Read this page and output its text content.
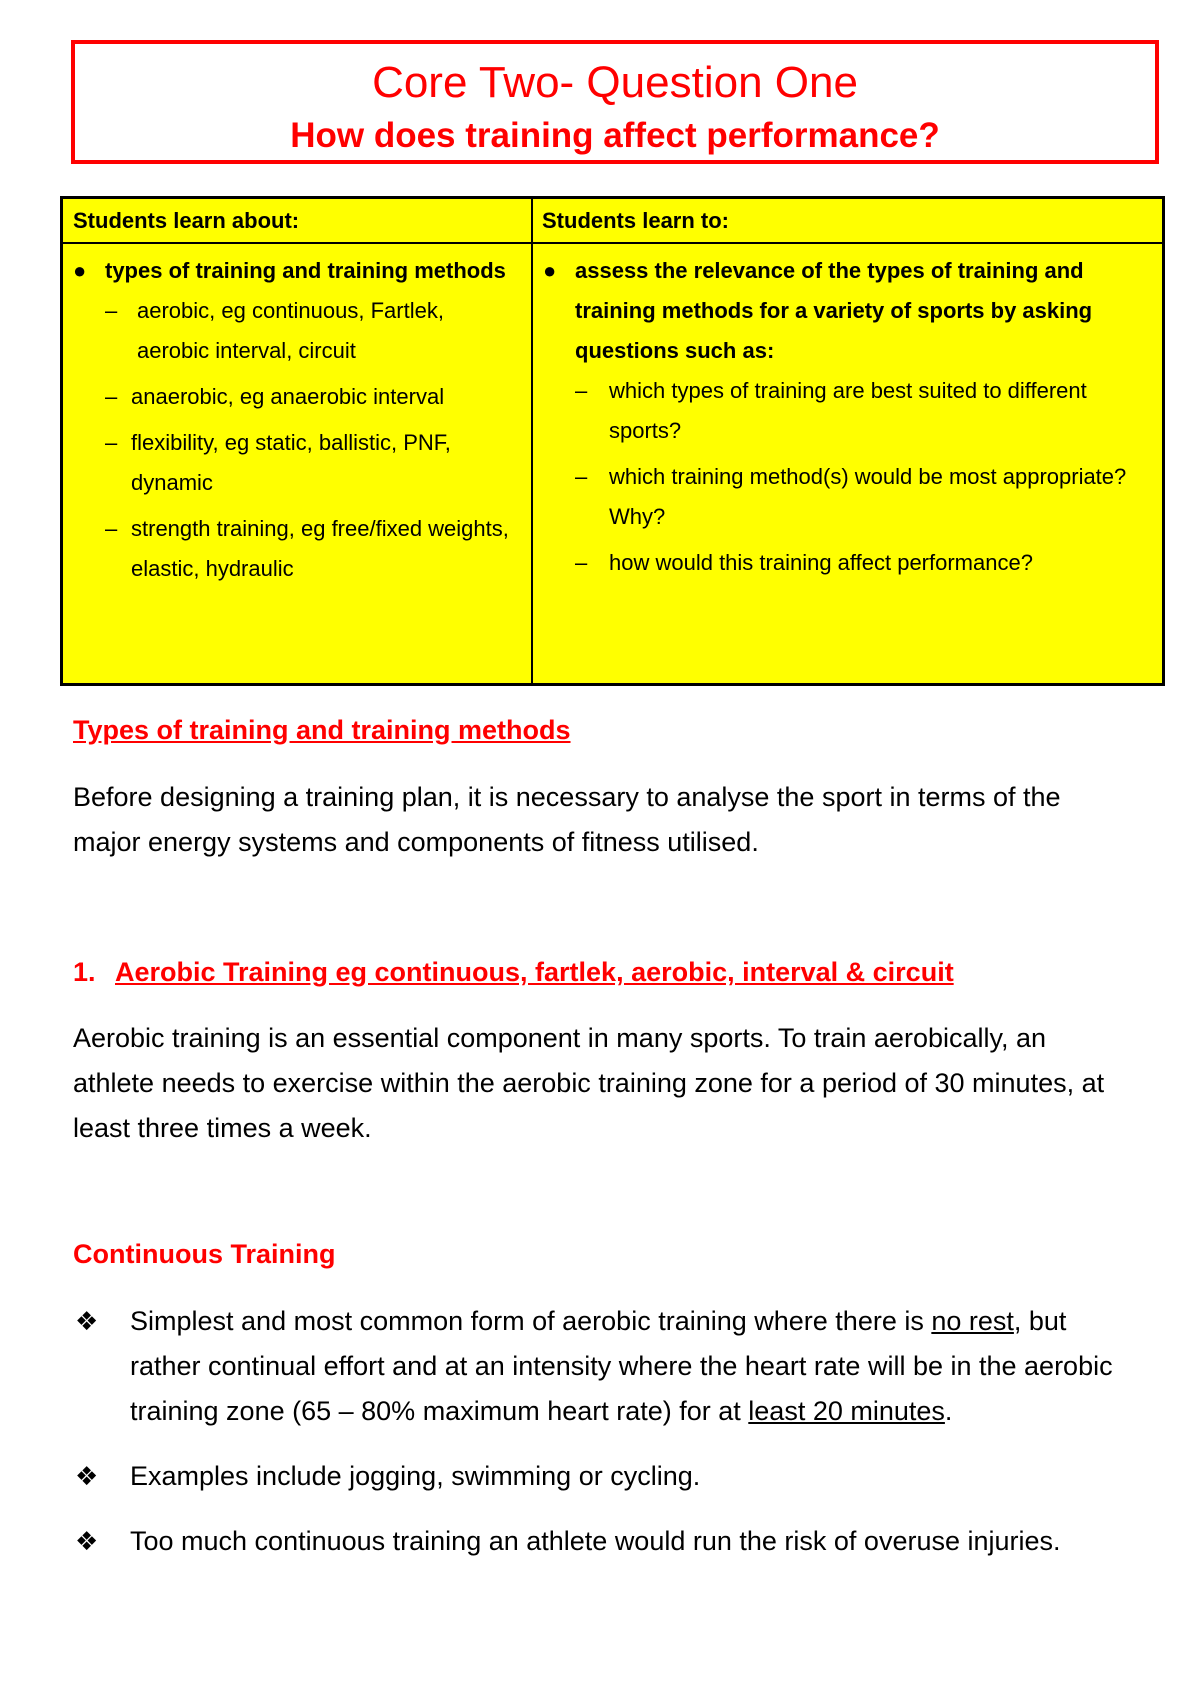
Core Two- Question One
How does training affect performance?
Students learn about:	Students learn to:
● types of training and training methods
– aerobic, eg continuous, Fartlek, aerobic interval, circuit
– anaerobic, eg anaerobic interval
– flexibility, eg static, ballistic, PNF, dynamic
– strength training, eg free/fixed weights, elastic, hydraulic
● assess the relevance of the types of training and training methods for a variety of sports by asking questions such as:
– which types of training are best suited to different sports?
– which training method(s) would be most appropriate? Why?
– how would this training affect performance?
Types of training and training methods
Before designing a training plan, it is necessary to analyse the sport in terms of the major energy systems and components of fitness utilised.
1. Aerobic Training eg continuous, fartlek, aerobic, interval & circuit
Aerobic training is an essential component in many sports. To train aerobically, an athlete needs to exercise within the aerobic training zone for a period of 30 minutes, at least three times a week.
Continuous Training
❖ Simplest and most common form of aerobic training where there is no rest, but rather continual effort and at an intensity where the heart rate will be in the aerobic training zone (65 – 80% maximum heart rate) for at least 20 minutes.
❖ Examples include jogging, swimming or cycling.
❖ Too much continuous training an athlete would run the risk of overuse injuries.
